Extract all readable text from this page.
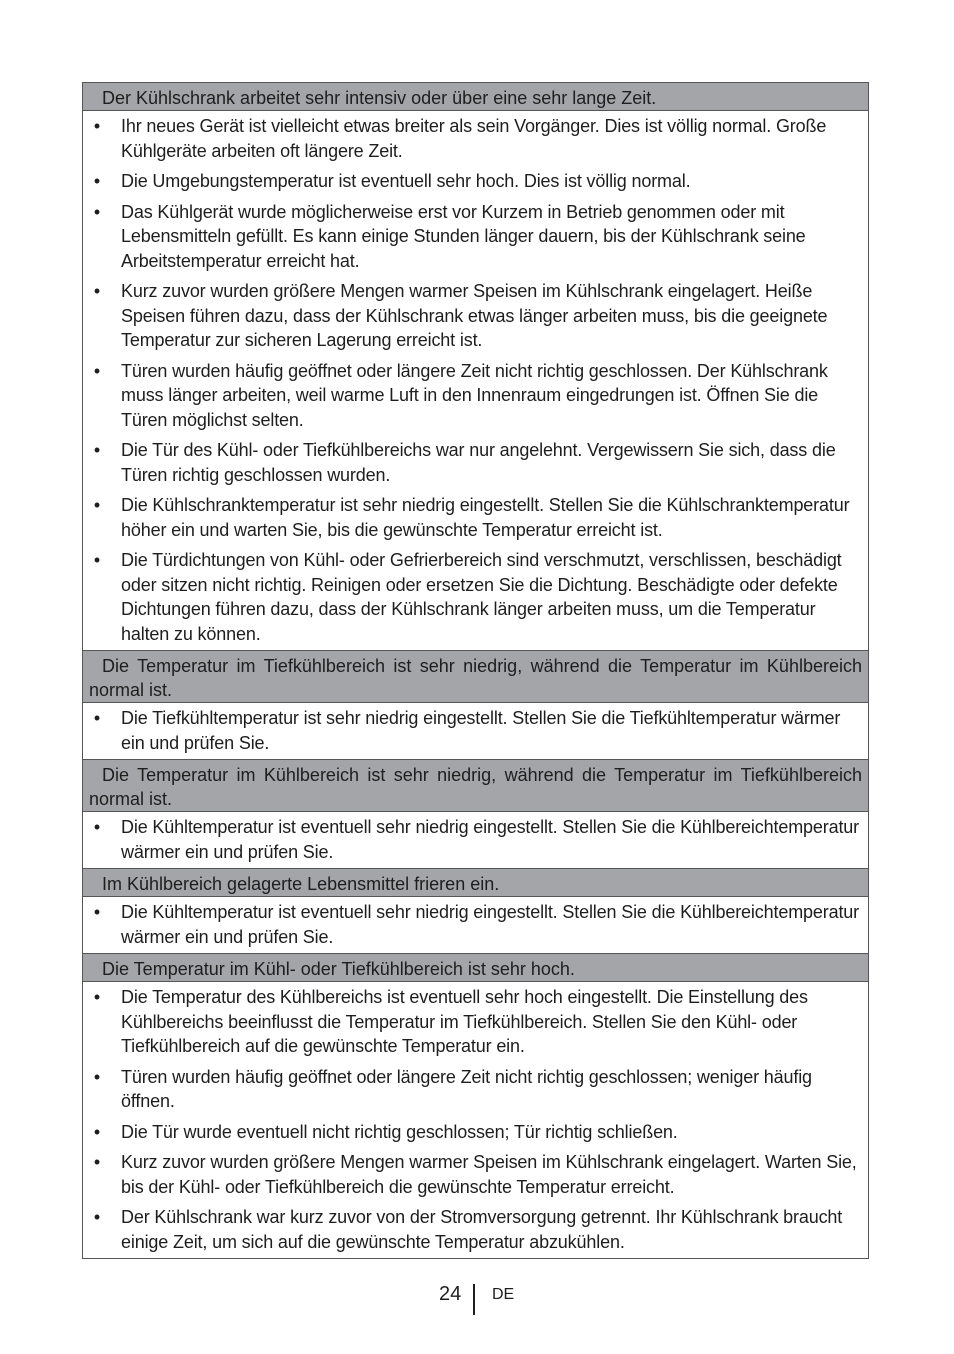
Der Kühlschrank arbeitet sehr intensiv oder über eine sehr lange Zeit.
• Ihr neues Gerät ist vielleicht etwas breiter als sein Vorgänger. Dies ist völlig normal. Große Kühlgeräte arbeiten oft längere Zeit.
• Die Umgebungstemperatur ist eventuell sehr hoch. Dies ist völlig normal.
• Das Kühlgerät wurde möglicherweise erst vor Kurzem in Betrieb genommen oder mit Lebensmitteln gefüllt. Es kann einige Stunden länger dauern, bis der Kühlschrank seine Arbeitstemperatur erreicht hat.
• Kurz zuvor wurden größere Mengen warmer Speisen im Kühlschrank eingelagert. Heiße Speisen führen dazu, dass der Kühlschrank etwas länger arbeiten muss, bis die geeignete Temperatur zur sicheren Lagerung erreicht ist.
• Türen wurden häufig geöffnet oder längere Zeit nicht richtig geschlossen. Der Kühlschrank muss länger arbeiten, weil warme Luft in den Innenraum eingedrungen ist. Öffnen Sie die Türen möglichst selten.
• Die Tür des Kühl- oder Tiefkühlbereichs war nur angelehnt. Vergewissern Sie sich, dass die Türen richtig geschlossen wurden.
• Die Kühlschranktemperatur ist sehr niedrig eingestellt. Stellen Sie die Kühlschranktemperatur höher ein und warten Sie, bis die gewünschte Temperatur erreicht ist.
• Die Türdichtungen von Kühl- oder Gefrierbereich sind verschmutzt, verschlissen, beschädigt oder sitzen nicht richtig. Reinigen oder ersetzen Sie die Dichtung. Beschädigte oder defekte Dichtungen führen dazu, dass der Kühlschrank länger arbeiten muss, um die Temperatur halten zu können.
Die Temperatur im Tiefkühlbereich ist sehr niedrig, während die Temperatur im Kühlbereich normal ist.
• Die Tiefkühltemperatur ist sehr niedrig eingestellt. Stellen Sie die Tiefkühltemperatur wärmer ein und prüfen Sie.
Die Temperatur im Kühlbereich ist sehr niedrig, während die Temperatur im Tiefkühlbereich normal ist.
• Die Kühltemperatur ist eventuell sehr niedrig eingestellt. Stellen Sie die Kühlbereichtemperatur wärmer ein und prüfen Sie.
Im Kühlbereich gelagerte Lebensmittel frieren ein.
• Die Kühltemperatur ist eventuell sehr niedrig eingestellt. Stellen Sie die Kühlbereichtemperatur wärmer ein und prüfen Sie.
Die Temperatur im Kühl- oder Tiefkühlbereich ist sehr hoch.
• Die Temperatur des Kühlbereichs ist eventuell sehr hoch eingestellt. Die Einstellung des Kühlbereichs beeinflusst die Temperatur im Tiefkühlbereich. Stellen Sie den Kühl- oder Tiefkühlbereich auf die gewünschte Temperatur ein.
• Türen wurden häufig geöffnet oder längere Zeit nicht richtig geschlossen; weniger häufig öffnen.
• Die Tür wurde eventuell nicht richtig geschlossen; Tür richtig schließen.
• Kurz zuvor wurden größere Mengen warmer Speisen im Kühlschrank eingelagert. Warten Sie, bis der Kühl- oder Tiefkühlbereich die gewünschte Temperatur erreicht.
• Der Kühlschrank war kurz zuvor von der Stromversorgung getrennt. Ihr Kühlschrank braucht einige Zeit, um sich auf die gewünschte Temperatur abzukühlen.
24 DE
